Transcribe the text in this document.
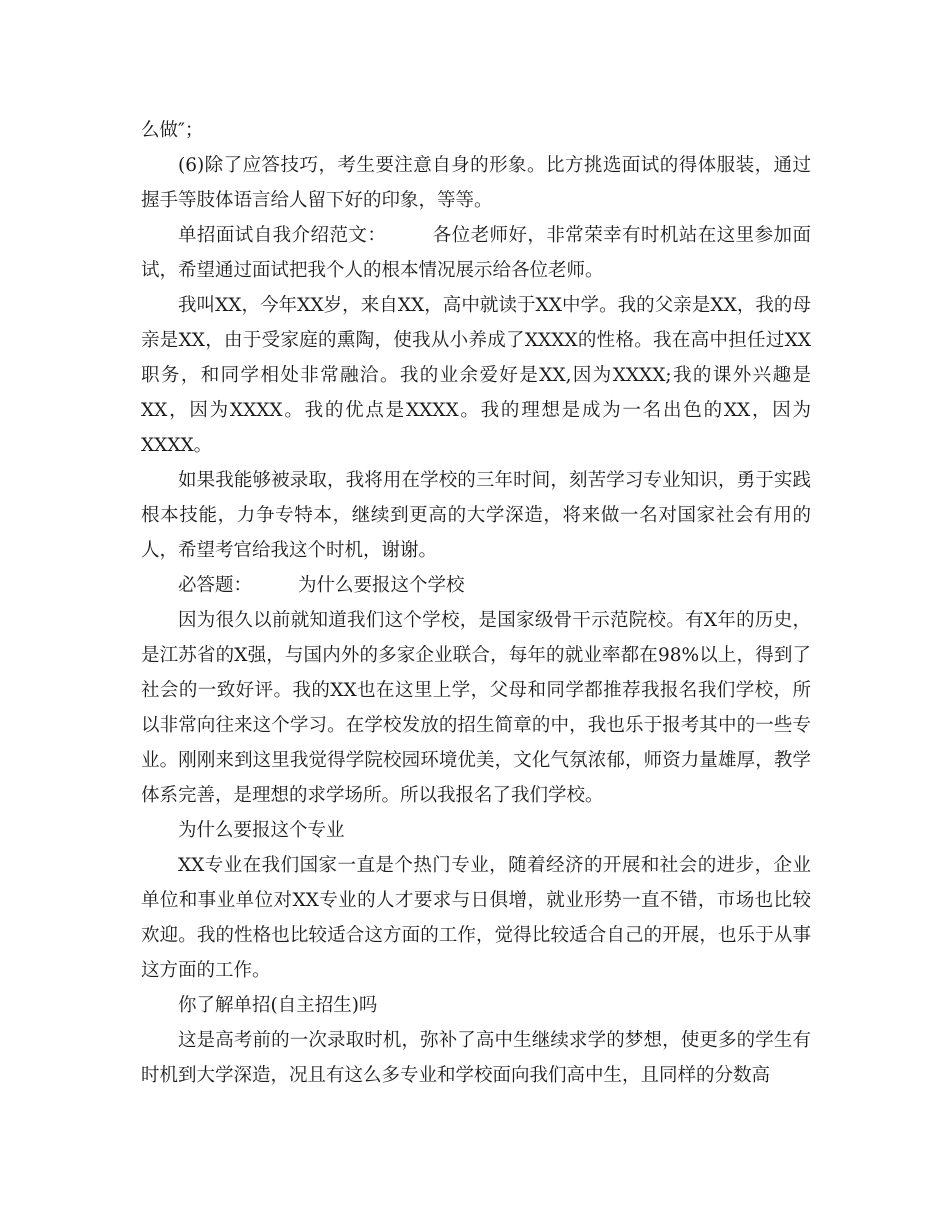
么做″；

(6)除了应答技巧，考生要注意自身的形象。比方挑选面试的得体服装，通过握手等肢体语言给人留下好的印象，等等。

单招面试自我介绍范文： 各位老师好，非常荣幸有时机站在这里参加面试，希望通过面试把我个人的根本情况展示给各位老师。

我叫XX，今年XX岁，来自XX，高中就读于XX中学。我的父亲是XX，我的母亲是XX，由于受家庭的熏陶，使我从小养成了XXXX的性格。我在高中担任过XX职务，和同学相处非常融洽。我的业余爱好是XX,因为XXXX;我的课外兴趣是XX，因为XXXX。我的优点是XXXX。我的理想是成为一名出色的XX，因为XXXX。

如果我能够被录取，我将用在学校的三年时间，刻苦学习专业知识，勇于实践根本技能，力争专特本，继续到更高的大学深造，将来做一名对国家社会有用的人，希望考官给我这个时机，谢谢。

必答题： 为什么要报这个学校

因为很久以前就知道我们这个学校，是国家级骨干示范院校。有X年的历史，是江苏省的X强，与国内外的多家企业联合，每年的就业率都在98%以上，得到了社会的一致好评。我的XX也在这里上学，父母和同学都推荐我报名我们学校，所以非常向往来这个学习。在学校发放的招生简章的中，我也乐于报考其中的一些专业。刚刚来到这里我觉得学院校园环境优美，文化气氛浓郁，师资力量雄厚，教学体系完善，是理想的求学场所。所以我报名了我们学校。

为什么要报这个专业

XX专业在我们国家一直是个热门专业，随着经济的开展和社会的进步，企业单位和事业单位对XX专业的人才要求与日俱增，就业形势一直不错，市场也比较欢迎。我的性格也比较适合这方面的工作，觉得比较适合自己的开展，也乐于从事这方面的工作。

你了解单招(自主招生)吗

这是高考前的一次录取时机，弥补了高中生继续求学的梦想，使更多的学生有时机到大学深造，况且有这么多专业和学校面向我们高中生，且同样的分数高
